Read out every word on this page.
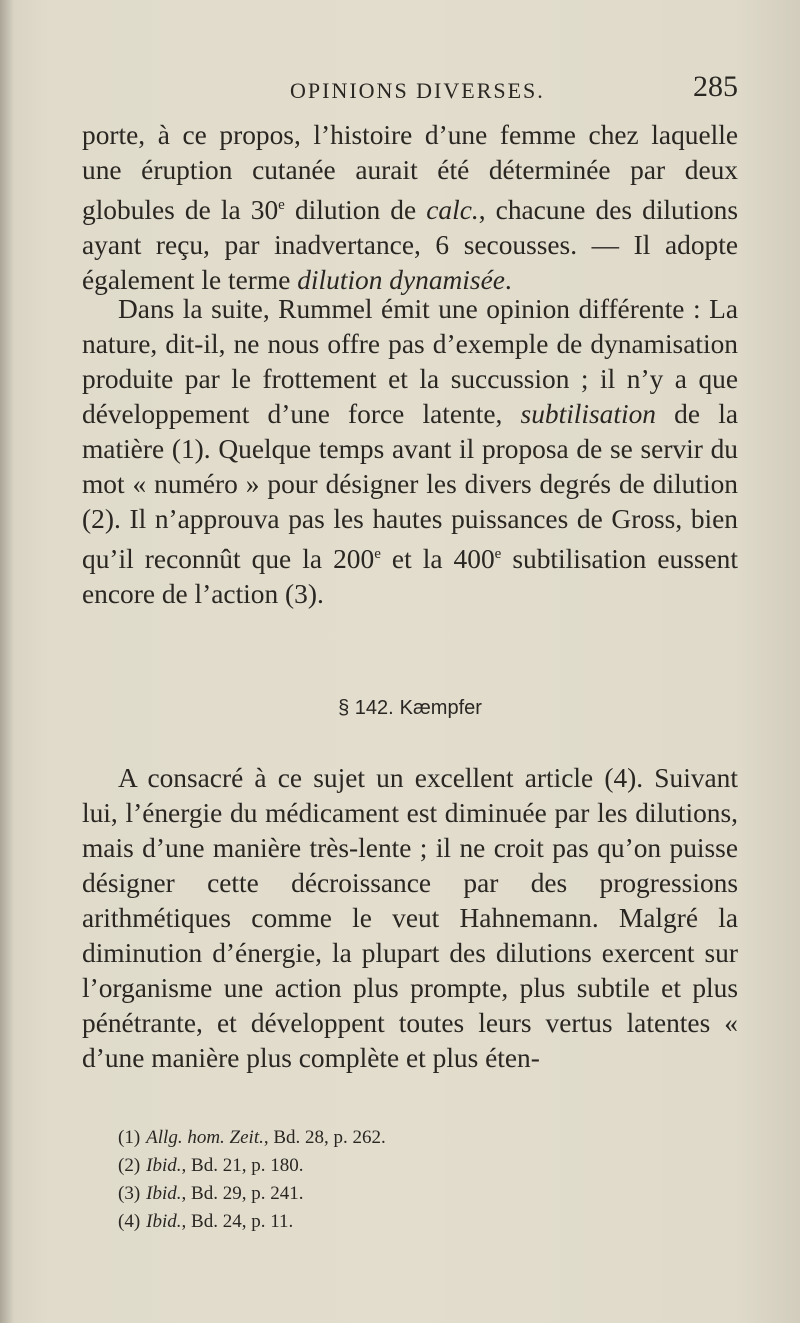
OPINIONS DIVERSES.	285

porte, à ce propos, l’histoire d’une femme chez laquelle une éruption cutanée aurait été déterminée par deux globules de la 30e dilution de calc., chacune des dilutions ayant reçu, par inadvertance, 6 secousses. — Il adopte également le terme dilution dynamisée.

Dans la suite, Rummel émit une opinion différente : La nature, dit-il, ne nous offre pas d’exemple de dynamisation produite par le frottement et la succussion ; il n’y a que développement d’une force latente, subtilisation de la matière (1). Quelque temps avant il proposa de se servir du mot « numéro » pour désigner les divers degrés de dilution (2). Il n’approuva pas les hautes puissances de Gross, bien qu’il reconnût que la 200e et la 400e subtilisation eussent encore de l’action (3).

§ 142. Kæmpfer

A consacré à ce sujet un excellent article (4). Suivant lui, l’énergie du médicament est diminuée par les dilutions, mais d’une manière très-lente ; il ne croit pas qu’on puisse désigner cette décroissance par des progressions arithmétiques comme le veut Hahnemann. Malgré la diminution d’énergie, la plupart des dilutions exercent sur l’organisme une action plus prompte, plus subtile et plus pénétrante, et développent toutes leurs vertus latentes « d’une manière plus complète et plus éten-

(1) Allg. hom. Zeit., Bd. 28, p. 262.
(2) Ibid., Bd. 21, p. 180.
(3) Ibid., Bd. 29, p. 241.
(4) Ibid., Bd. 24, p. 11.
